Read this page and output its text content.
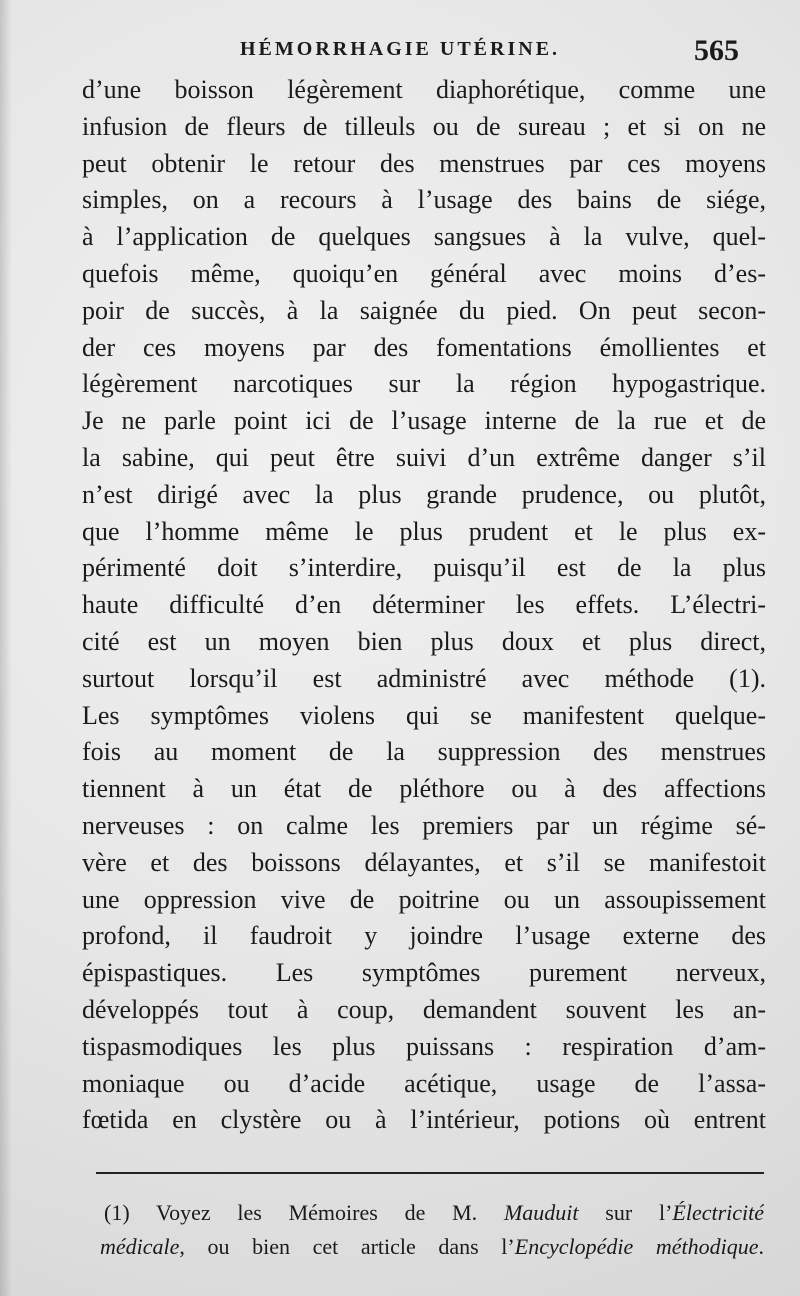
HÉMORRHAGIE UTÉRINE.	565
d’une boisson légèrement diaphorétique, comme une
infusion de fleurs de tilleuls ou de sureau ; et si on ne
peut obtenir le retour des menstrues par ces moyens
simples, on a recours à l’usage des bains de siége,
à l’application de quelques sangsues à la vulve, quel-
quefois même, quoiqu’en général avec moins d’es-
poir de succès, à la saignée du pied. On peut secon-
der ces moyens par des fomentations émollientes et
légèrement narcotiques sur la région hypogastrique.
Je ne parle point ici de l’usage interne de la rue et de
la sabine, qui peut être suivi d’un extrême danger s’il
n’est dirigé avec la plus grande prudence, ou plutôt,
que l’homme même le plus prudent et le plus ex-
périmenté doit s’interdire, puisqu’il est de la plus
haute difficulté d’en déterminer les effets. L’électri-
cité est un moyen bien plus doux et plus direct,
surtout lorsqu’il est administré avec méthode (1).
Les symptômes violens qui se manifestent quelque-
fois au moment de la suppression des menstrues
tiennent à un état de pléthore ou à des affections
nerveuses : on calme les premiers par un régime sé-
vère et des boissons délayantes, et s’il se manifestoit
une oppression vive de poitrine ou un assoupissement
profond, il faudroit y joindre l’usage externe des
épispastiques. Les symptômes purement nerveux,
développés tout à coup, demandent souvent les an-
tispasmodiques les plus puissans : respiration d’am-
moniaque ou d’acide acétique, usage de l’assa-
fœtida en clystère ou à l’intérieur, potions où entrent
(1) Voyez les Mémoires de M. Mauduit sur l’Électricité
médicale, ou bien cet article dans l’Encyclopédie méthodique.
